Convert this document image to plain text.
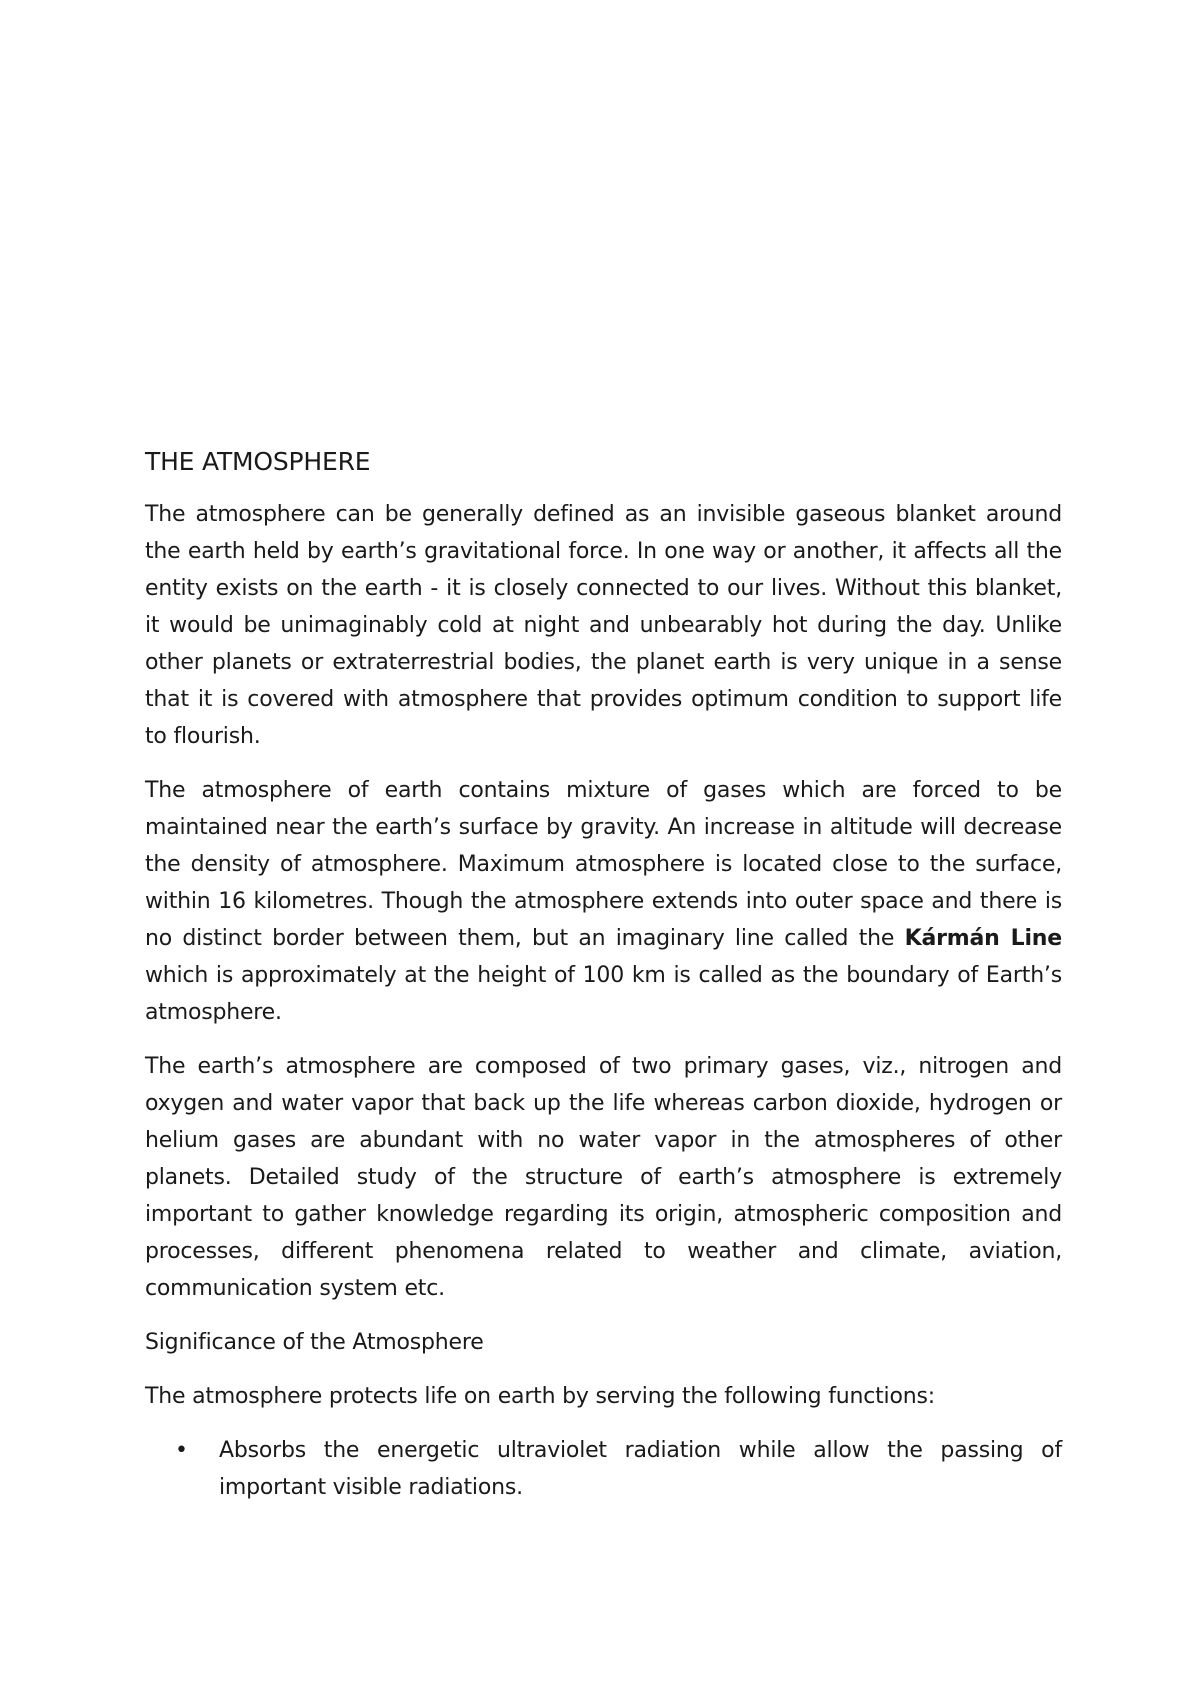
THE ATMOSPHERE

The atmosphere can be generally defined as an invisible gaseous blanket around the earth held by earth’s gravitational force. In one way or another, it affects all the entity exists on the earth - it is closely connected to our lives. Without this blanket, it would be unimaginably cold at night and unbearably hot during the day. Unlike other planets or extraterrestrial bodies, the planet earth is very unique in a sense that it is covered with atmosphere that provides optimum condition to support life to flourish.

The atmosphere of earth contains mixture of gases which are forced to be maintained near the earth’s surface by gravity. An increase in altitude will decrease the density of atmosphere. Maximum atmosphere is located close to the surface, within 16 kilometres. Though the atmosphere extends into outer space and there is no distinct border between them, but an imaginary line called the Kármán Line which is approximately at the height of 100 km is called as the boundary of Earth’s atmosphere.

The earth’s atmosphere are composed of two primary gases, viz., nitrogen and oxygen and water vapor that back up the life whereas carbon dioxide, hydrogen or helium gases are abundant with no water vapor in the atmospheres of other planets. Detailed study of the structure of earth’s atmosphere is extremely important to gather knowledge regarding its origin, atmospheric composition and processes, different phenomena related to weather and climate, aviation, communication system etc.

Significance of the Atmosphere

The atmosphere protects life on earth by serving the following functions:

• Absorbs the energetic ultraviolet radiation while allow the passing of important visible radiations.
